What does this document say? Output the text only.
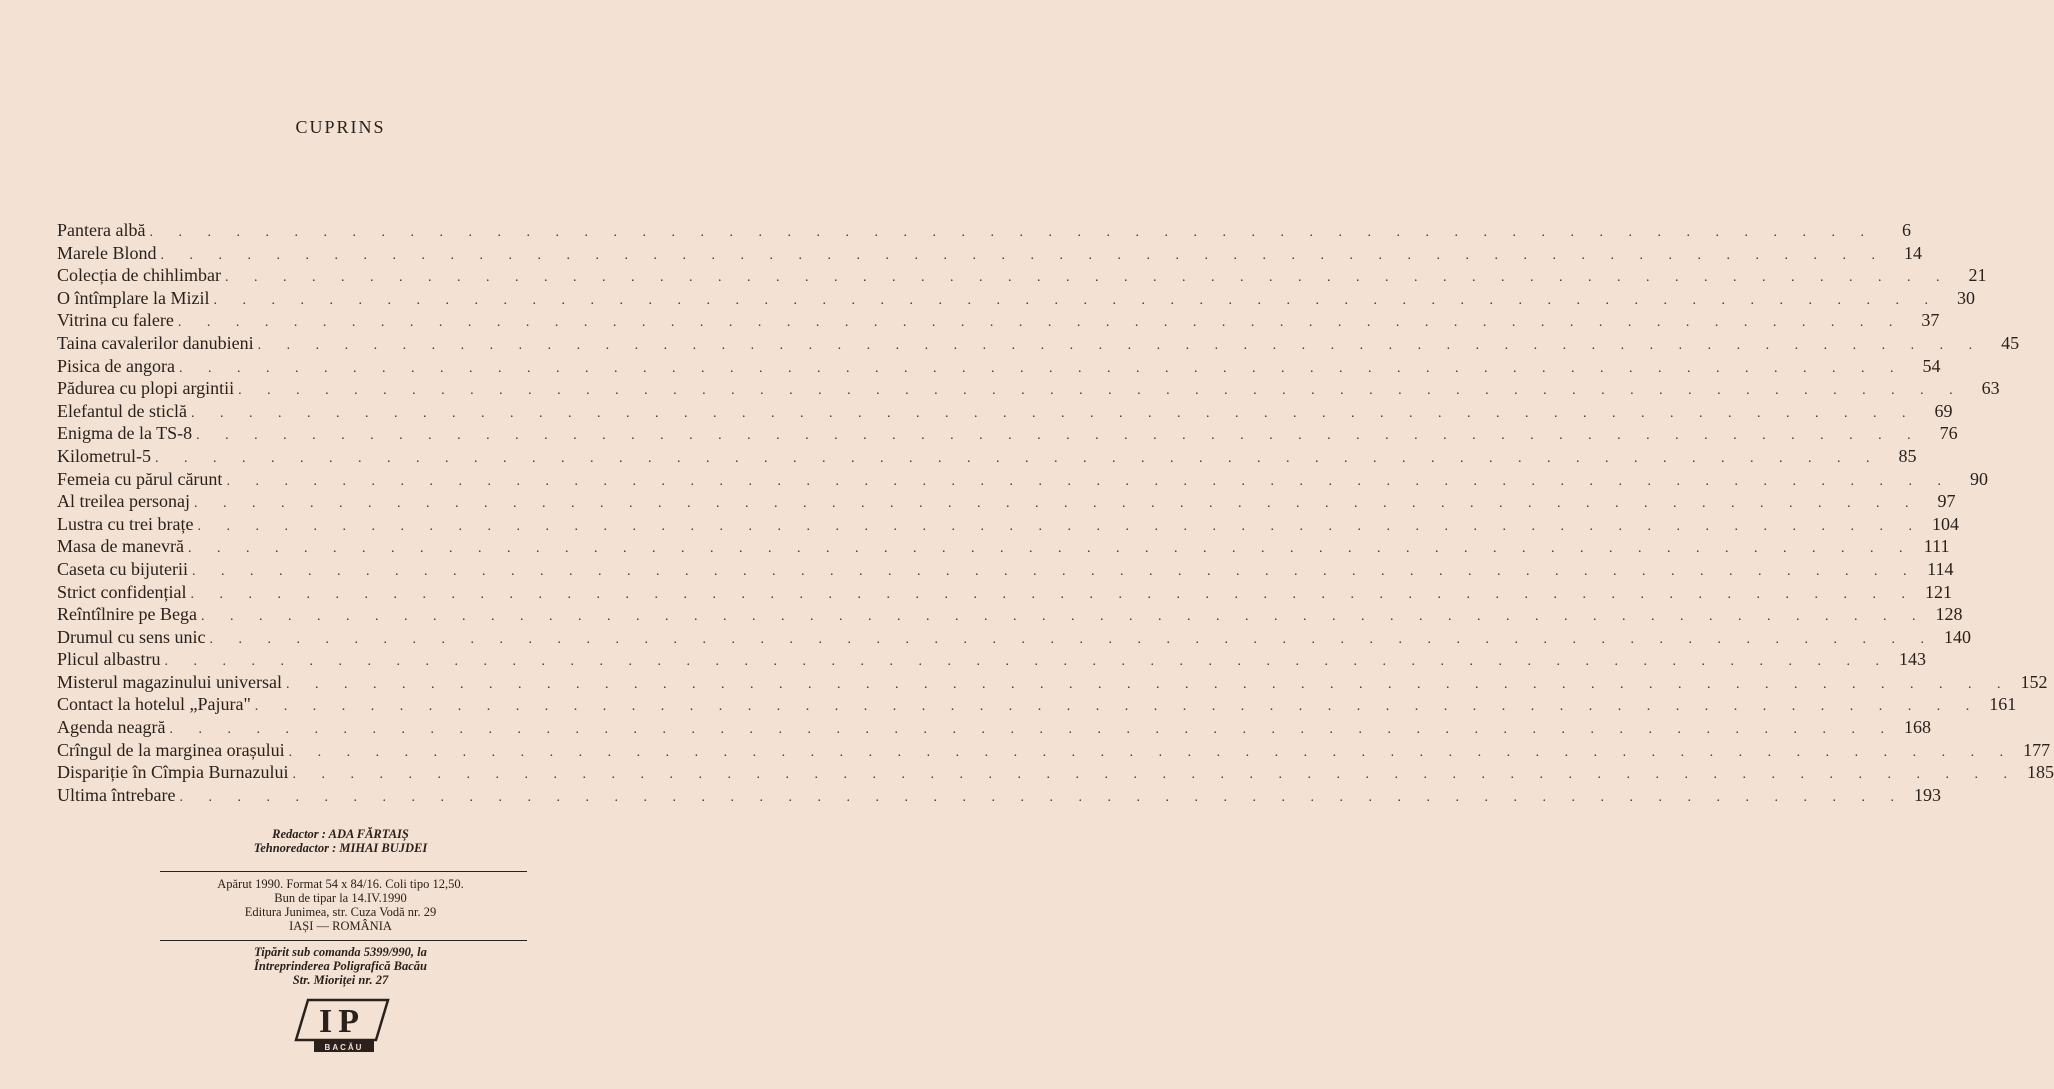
CUPRINS
Pantera albă . . . . . . . . . . . . . . . . . . . . . . . . . . . . . . . . . . . . . . . . . . . . . . . . . . . . . . . . . . . .	6
Marele Blond . . . . . . . . . . . . . . . . . . . . . . . . . . . . . . . . . . . . . . . . . . . . . . . . . . . . . . . . . . . .	14
Colecția de chihlimbar . . . . . . . . . . . . . . . . . . . . . . . . . . . . . . . . . . . . . . . . . . . . . . . . . . . . . . . . . . . .	21
O întîmplare la Mizil . . . . . . . . . . . . . . . . . . . . . . . . . . . . . . . . . . . . . . . . . . . . . . . . . . . . . . . . . . . .	30
Vitrina cu falere . . . . . . . . . . . . . . . . . . . . . . . . . . . . . . . . . . . . . . . . . . . . . . . . . . . . . . . . . . . .	37
Taina cavalerilor danubieni . . . . . . . . . . . . . . . . . . . . . . . . . . . . . . . . . . . . . . . . . . . . . . . . . . . . . . . . . . . .	45
Pisica de angora . . . . . . . . . . . . . . . . . . . . . . . . . . . . . . . . . . . . . . . . . . . . . . . . . . . . . . . . . . . .	54
Pădurea cu plopi argintii . . . . . . . . . . . . . . . . . . . . . . . . . . . . . . . . . . . . . . . . . . . . . . . . . . . . . . . . . . . .	63
Elefantul de sticlă . . . . . . . . . . . . . . . . . . . . . . . . . . . . . . . . . . . . . . . . . . . . . . . . . . . . . . . . . . . .	69
Enigma de la TS-8 . . . . . . . . . . . . . . . . . . . . . . . . . . . . . . . . . . . . . . . . . . . . . . . . . . . . . . . . . . . .	76
Kilometrul-5 . . . . . . . . . . . . . . . . . . . . . . . . . . . . . . . . . . . . . . . . . . . . . . . . . . . . . . . . . . . .	85
Femeia cu părul cărunt . . . . . . . . . . . . . . . . . . . . . . . . . . . . . . . . . . . . . . . . . . . . . . . . . . . . . . . . . . . .	90
Al treilea personaj . . . . . . . . . . . . . . . . . . . . . . . . . . . . . . . . . . . . . . . . . . . . . . . . . . . . . . . . . . . .	97
Lustra cu trei brațe . . . . . . . . . . . . . . . . . . . . . . . . . . . . . . . . . . . . . . . . . . . . . . . . . . . . . . . . . . . . 104
Masa de manevră . . . . . . . . . . . . . . . . . . . . . . . . . . . . . . . . . . . . . . . . . . . . . . . . . . . . . . . . . . . . 111
Caseta cu bijuterii . . . . . . . . . . . . . . . . . . . . . . . . . . . . . . . . . . . . . . . . . . . . . . . . . . . . . . . . . . . . 114
Strict confidențial . . . . . . . . . . . . . . . . . . . . . . . . . . . . . . . . . . . . . . . . . . . . . . . . . . . . . . . . . . . . 121
Reîntîlnire pe Bega . . . . . . . . . . . . . . . . . . . . . . . . . . . . . . . . . . . . . . . . . . . . . . . . . . . . . . . . . . . . 128
Drumul cu sens unic . . . . . . . . . . . . . . . . . . . . . . . . . . . . . . . . . . . . . . . . . . . . . . . . . . . . . . . . . . . . 140
Plicul albastru . . . . . . . . . . . . . . . . . . . . . . . . . . . . . . . . . . . . . . . . . . . . . . . . . . . . . . . . . . . . 143
Misterul magazinului universal . . . . . . . . . . . . . . . . . . . . . . . . . . . . . . . . . . . . . . . . . . . . . . . . . . . . . . . . . . . . 152
Contact la hotelul „Pajura" . . . . . . . . . . . . . . . . . . . . . . . . . . . . . . . . . . . . . . . . . . . . . . . . . . . . . . . . . . . . 161
Agenda neagră . . . . . . . . . . . . . . . . . . . . . . . . . . . . . . . . . . . . . . . . . . . . . . . . . . . . . . . . . . . . 168
Crîngul de la marginea orașului . . . . . . . . . . . . . . . . . . . . . . . . . . . . . . . . . . . . . . . . . . . . . . . . . . . . . . . . . . . . 177
Dispariție în Cîmpia Burnazului . . . . . . . . . . . . . . . . . . . . . . . . . . . . . . . . . . . . . . . . . . . . . . . . . . . . . . . . . . . . 185
Ultima întrebare . . . . . . . . . . . . . . . . . . . . . . . . . . . . . . . . . . . . . . . . . . . . . . . . . . . . . . . . . . . . 193
Redactor : ADA FĂRTAIȘ
Tehnoredactor : MIHAI BUJDEI
Apărut 1990. Format 54 x 84/16. Coli tipo 12,50.
Bun de tipar la 14.IV.1990
Editura Junimea, str. Cuza Vodă nr. 29
IAȘI — ROMÂNIA
Tipărit sub comanda 5399/990, la
Întreprinderea Poligrafică Bacău
Str. Mioriței nr. 27
IP
BACĂU
